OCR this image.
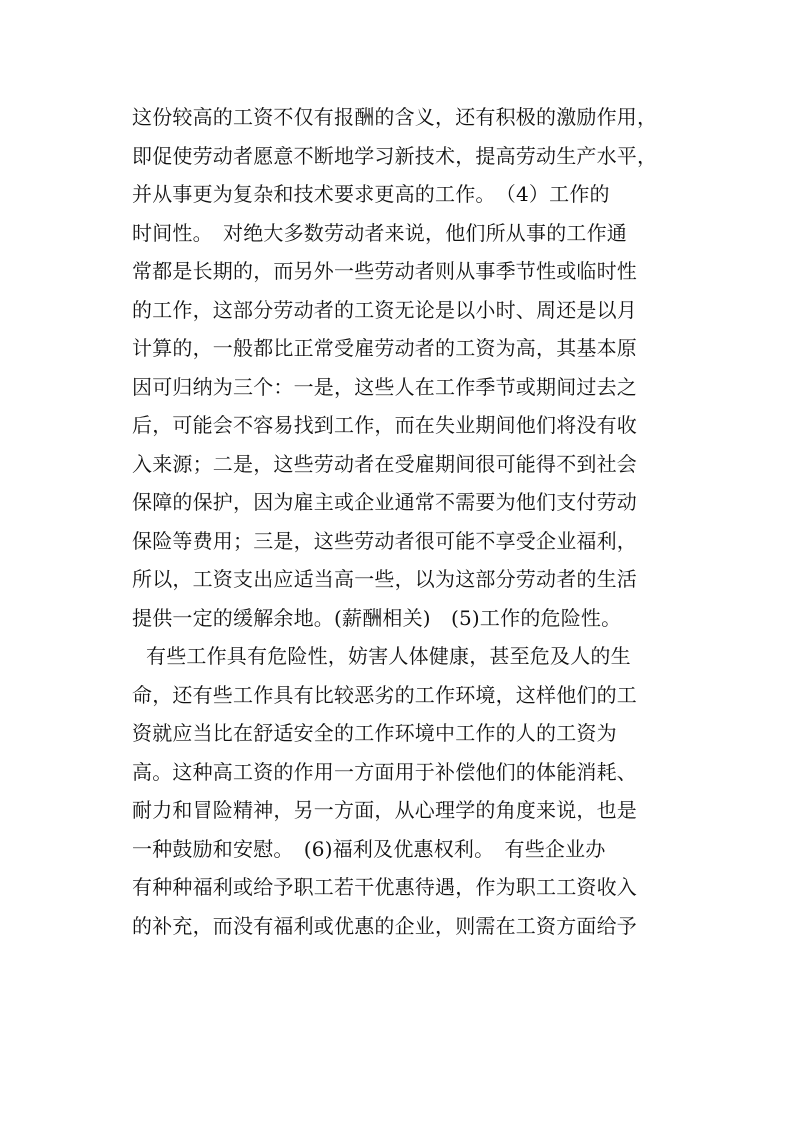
这份较高的工资不仅有报酬的含义，还有积极的激励作用，
即促使劳动者愿意不断地学习新技术，提高劳动生产水平，
并从事更为复杂和技术要求更高的工作。　（4）工作的
时间性。　对绝大多数劳动者来说，他们所从事的工作通
常都是长期的，而另外一些劳动者则从事季节性或临时性
的工作，这部分劳动者的工资无论是以小时、周还是以月
计算的，一般都比正常受雇劳动者的工资为高，其基本原
因可归纳为三个：一是，这些人在工作季节或期间过去之
后，可能会不容易找到工作，而在失业期间他们将没有收
入来源；二是，这些劳动者在受雇期间很可能得不到社会
保障的保护，因为雇主或企业通常不需要为他们支付劳动
保险等费用；三是，这些劳动者很可能不享受企业福利，
所以，工资支出应适当高一些，以为这部分劳动者的生活
提供一定的缓解余地。(薪酬相关)　(5)工作的危险性。
有些工作具有危险性，妨害人体健康，甚至危及人的生
命，还有些工作具有比较恶劣的工作环境，这样他们的工
资就应当比在舒适安全的工作环境中工作的人的工资为
高。这种高工资的作用一方面用于补偿他们的体能消耗、
耐力和冒险精神，另一方面，从心理学的角度来说，也是
一种鼓励和安慰。　(6)福利及优惠权利。　有些企业办
有种种福利或给予职工若干优惠待遇，作为职工工资收入
的补充，而没有福利或优惠的企业，则需在工资方面给予
